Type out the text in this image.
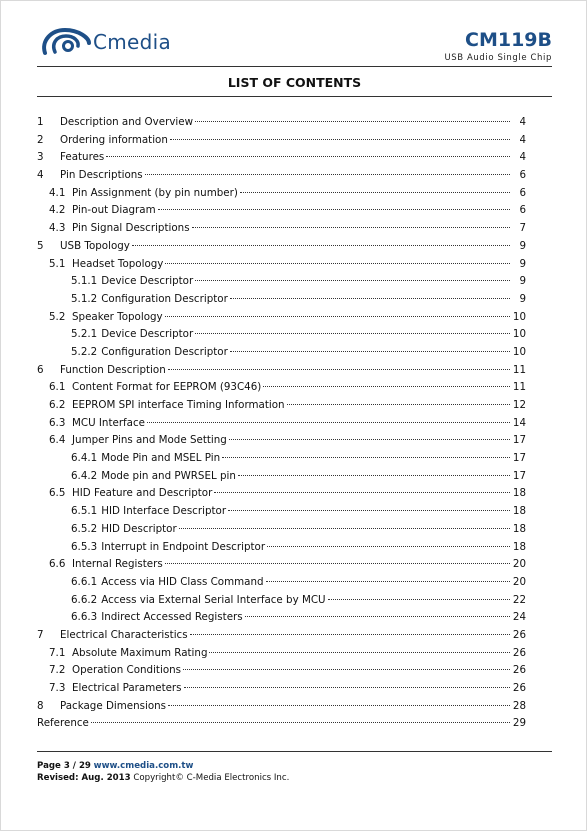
Cmedia	CM119B
USB Audio Single Chip
LIST OF CONTENTS
1	Description and Overview	4
2	Ordering information	4
3	Features	4
4	Pin Descriptions	6
4.1 Pin Assignment (by pin number)	6
4.2 Pin-out Diagram	6
4.3 Pin Signal Descriptions	7
5	USB Topology	9
5.1 Headset Topology	9
5.1.1 Device Descriptor	9
5.1.2 Configuration Descriptor	9
5.2 Speaker Topology	10
5.2.1 Device Descriptor	10
5.2.2 Configuration Descriptor	10
6	Function Description	11
6.1 Content Format for EEPROM (93C46)	11
6.2 EEPROM SPI interface Timing Information	12
6.3 MCU Interface	14
6.4 Jumper Pins and Mode Setting	17
6.4.1 Mode Pin and MSEL Pin	17
6.4.2 Mode pin and PWRSEL pin	17
6.5 HID Feature and Descriptor	18
6.5.1 HID Interface Descriptor	18
6.5.2 HID Descriptor	18
6.5.3 Interrupt in Endpoint Descriptor	18
6.6 Internal Registers	20
6.6.1 Access via HID Class Command	20
6.6.2 Access via External Serial Interface by MCU	22
6.6.3 Indirect Accessed Registers	24
7	Electrical Characteristics	26
7.1 Absolute Maximum Rating	26
7.2 Operation Conditions	26
7.3 Electrical Parameters	26
8	Package Dimensions	28
Reference	29
Page 3 / 29 www.cmedia.com.tw
Revised: Aug. 2013 Copyright© C-Media Electronics Inc.
